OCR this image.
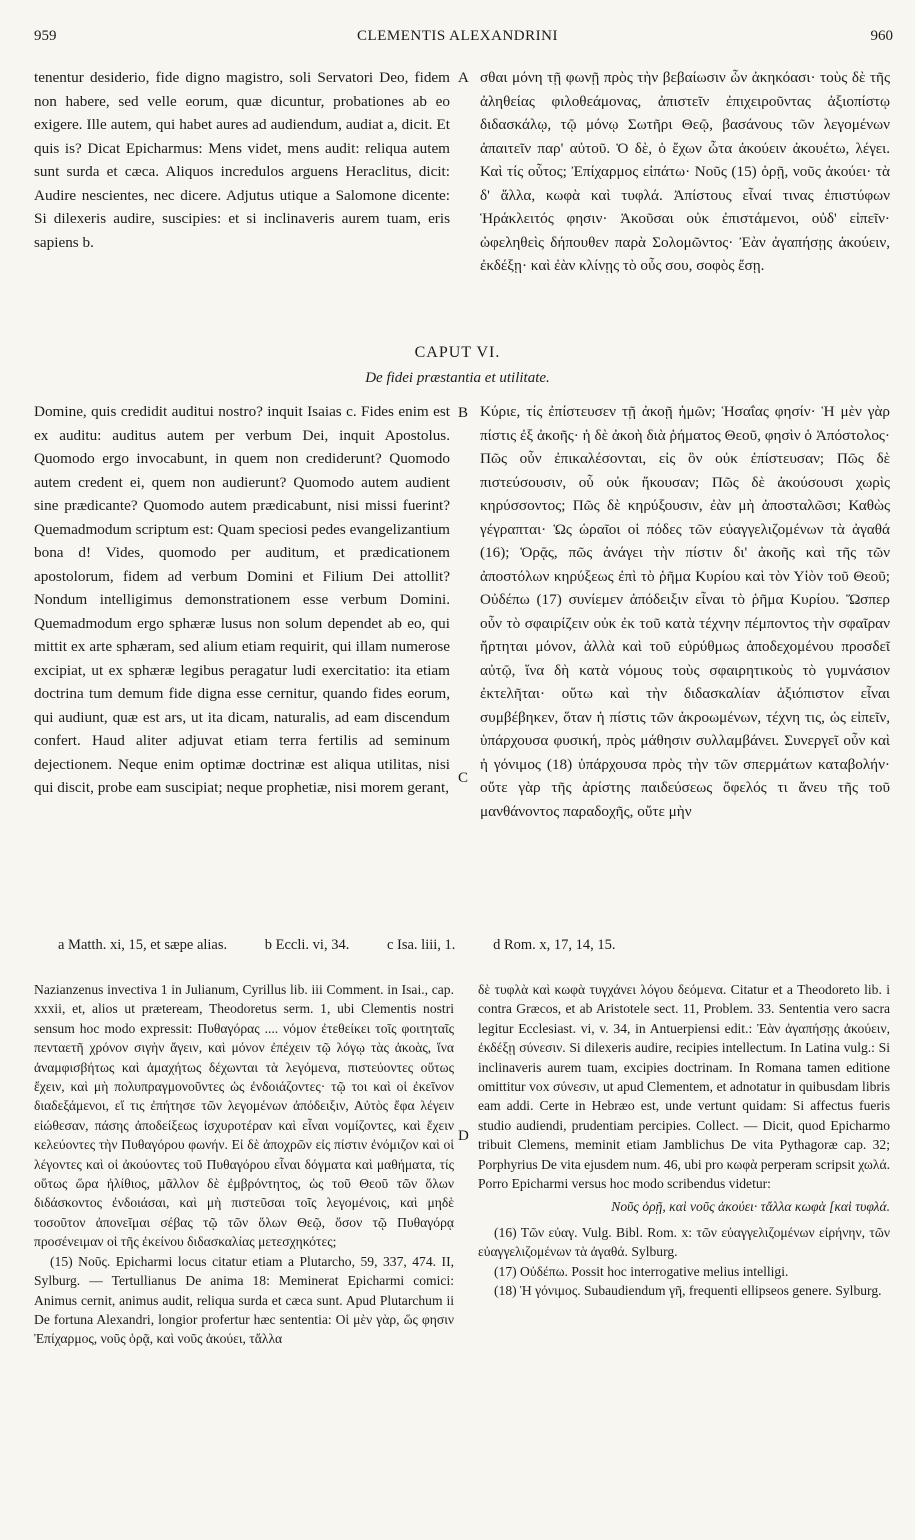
959	CLEMENTIS ALEXANDRINI	960
A
B
C
D

tenentur desiderio, fide digno magistro, soli Servatori Deo, fidem non habere, sed velle eorum, quæ dicuntur, probationes ab eo exigere. Ille autem, qui habet aures ad audiendum, audiat a, dicit. Et quis is? Dicat Epicharmus: Mens videt, mens audit: reliqua autem sunt surda et cæca. Aliquos incredulos arguens Heraclitus, dicit: Audire nescientes, nec dicere. Adjutus utique a Salomone dicente: Si dilexeris audire, suscipies: et si inclinaveris aurem tuam, eris sapiens b.

σθαι μόνη τῇ φωνῇ πρὸς τὴν βεβαίωσιν ὧν ἀκηκόασι· τοὺς δὲ τῆς ἀληθείας φιλοθεάμονας, ἀπιστεῖν ἐπιχειροῦντας ἀξιοπίστῳ διδασκάλῳ, τῷ μόνῳ Σωτῆρι Θεῷ, βασάνους τῶν λεγομένων ἀπαιτεῖν παρ' αὐτοῦ. Ὁ δὲ, ὁ ἔχων ὦτα ἀκούειν ἀκουέτω, λέγει. Καὶ τίς οὗτος; Ἐπίχαρμος εἰπάτω· Νοῦς (15) ὁρῇ, νοῦς ἀκούει· τὰ δ' ἄλλα, κωφὰ καὶ τυφλά. Ἀπίστους εἶναί τινας ἐπιστύφων Ἡράκλειτός φησιν· Ἀκοῦσαι οὐκ ἐπιστάμενοι, οὐδ' εἰπεῖν· ὠφεληθεὶς δήπουθεν παρὰ Σολομῶντος· Ἐὰν ἀγαπήσῃς ἀκούειν, ἐκδέξῃ· καὶ ἐὰν κλίνῃς τὸ οὖς σου, σοφὸς ἔσῃ.

CAPUT VI.
De fidei præstantia et utilitate.

Domine, quis credidit auditui nostro? inquit Isaias c. Fides enim est ex auditu: auditus autem per verbum Dei, inquit Apostolus. Quomodo ergo invocabunt, in quem non crediderunt? Quomodo autem credent ei, quem non audierunt? Quomodo autem audient sine prædicante? Quomodo autem prædicabunt, nisi missi fuerint? Quemadmodum scriptum est: Quam speciosi pedes evangelizantium bona d! Vides, quomodo per auditum, et prædicationem apostolorum, fidem ad verbum Domini et Filium Dei attollit? Nondum intelligimus demonstrationem esse verbum Domini. Quemadmodum ergo sphæræ lusus non solum dependet ab eo, qui mittit ex arte sphæram, sed alium etiam requirit, qui illam numerose excipiat, ut ex sphæræ legibus peragatur ludi exercitatio: ita etiam doctrina tum demum fide digna esse cernitur, quando fides eorum, qui audiunt, quæ est ars, ut ita dicam, naturalis, ad eam discendum confert. Haud aliter adjuvat etiam terra fertilis ad seminum dejectionem. Neque enim optimæ doctrinæ est aliqua utilitas, nisi qui discit, probe eam suscipiat; neque prophetiæ, nisi morem gerant,

Κύριε, τίς ἐπίστευσεν τῇ ἀκοῇ ἡμῶν; Ἡσαΐας φησίν· Ἡ μὲν γὰρ πίστις ἐξ ἀκοῆς· ἡ δὲ ἀκοὴ διὰ ῥήματος Θεοῦ, φησὶν ὁ Ἀπόστολος· Πῶς οὖν ἐπικαλέσονται, εἰς ὃν οὐκ ἐπίστευσαν; Πῶς δὲ πιστεύσουσιν, οὗ οὐκ ἤκουσαν; Πῶς δὲ ἀκούσουσι χωρὶς κηρύσσοντος; Πῶς δὲ κηρύξουσιν, ἐὰν μὴ ἀποσταλῶσι; Καθὼς γέγραπται· Ὡς ὡραῖοι οἱ πόδες τῶν εὐαγγελιζομένων τὰ ἀγαθά (16); Ὁρᾷς, πῶς ἀνάγει τὴν πίστιν δι' ἀκοῆς καὶ τῆς τῶν ἀποστόλων κηρύξεως ἐπὶ τὸ ῥῆμα Κυρίου καὶ τὸν Υἱὸν τοῦ Θεοῦ; Οὐδέπω (17) συνίεμεν ἀπόδειξιν εἶναι τὸ ῥῆμα Κυρίου. Ὥσπερ οὖν τὸ σφαιρίζειν οὐκ ἐκ τοῦ κατὰ τέχνην πέμποντος τὴν σφαῖραν ἤρτηται μόνον, ἀλλὰ καὶ τοῦ εὐρύθμως ἀποδεχομένου προσδεῖ αὐτῷ, ἵνα δὴ κατὰ νόμους τοὺς σφαιρητικοὺς τὸ γυμνάσιον ἐκτελῆται· οὕτω καὶ τὴν διδασκαλίαν ἀξιόπιστον εἶναι συμβέβηκεν, ὅταν ἡ πίστις τῶν ἀκροωμένων, τέχνη τις, ὡς εἰπεῖν, ὑπάρχουσα φυσική, πρὸς μάθησιν συλλαμβάνει. Συνεργεῖ οὖν καὶ ἡ γόνιμος (18) ὑπάρχουσα πρὸς τὴν τῶν σπερμάτων καταβολήν· οὔτε γὰρ τῆς ἀρίστης παιδεύσεως ὄφελός τι ἄνευ τῆς τοῦ μανθάνοντος παραδοχῆς, οὔτε μὴν

a Matth. xi, 15, et sæpe alias.	b Eccli. vi, 34.	c Isa. liii, 1.	d Rom. x, 17, 14, 15.

Nazianzenus invectiva 1 in Julianum, Cyrillus lib. iii Comment. in Isai., cap. xxxii, et, alios ut præteream, Theodoretus serm. 1, ubi Clementis nostri sensum hoc modo expressit: Πυθαγόρας .... νόμον ἐτεθείκει τοῖς φοιτηταῖς πενταετῆ χρόνον σιγὴν ἄγειν, καὶ μόνον ἐπέχειν τῷ λόγῳ τὰς ἀκοὰς, ἵνα ἀναμφισβήτως καὶ ἀμαχήτως δέχωνται τὰ λεγόμενα, πιστεύοντες οὕτως ἔχειν, καὶ μὴ πολυπραγμονοῦντες ὡς ἐνδοιάζοντες· τῷ τοι καὶ οἱ ἐκεῖνον διαδεξάμενοι, εἴ τις ἐπήτησε τῶν λεγομένων ἀπόδειξιν, Αὐτὸς ἔφα λέγειν εἰώθεσαν, πάσης ἀποδείξεως ἰσχυροτέραν καὶ εἶναι νομίζοντες, καὶ ἔχειν κελεύοντες τὴν Πυθαγόρου φωνήν. Εἰ δὲ ἀποχρῶν εἰς πίστιν ἐνόμιζον καὶ οἱ λέγοντες καὶ οἱ ἀκούοντες τοῦ Πυθαγόρου εἶναι δόγματα καὶ μαθήματα, τίς οὕτως ὥρα ἠλίθιος, μᾶλλον δὲ ἐμβρόντητος, ὡς τοῦ Θεοῦ τῶν ὅλων διδάσκοντος ἐνδοιάσαι, καὶ μὴ πιστεῦσαι τοῖς λεγομένοις, καὶ μηδὲ τοσοῦτον ἀπονεῖμαι σέβας τῷ τῶν ὅλων Θεῷ, ὅσον τῷ Πυθαγόρᾳ προσένειμαν οἱ τῆς ἐκείνου διδασκαλίας μετεσχηκότες;

(15) Νοῦς. Epicharmi locus citatur etiam a Plutarcho, 59, 337, 474. II, Sylburg. — Tertullianus De anima 18: Meminerat Epicharmi comici: Animus cernit, animus audit, reliqua surda et cæca sunt. Apud Plutarchum ii De fortuna Alexandri, longior profertur hæc sententia: Οἱ μὲν γὰρ, ὥς φησιν Ἐπίχαρμος, νοῦς ὁρᾷ, καὶ νοῦς ἀκούει, τἄλλα

δὲ τυφλὰ καὶ κωφὰ τυγχάνει λόγου δεόμενα. Citatur et a Theodoreto lib. i contra Græcos, et ab Aristotele sect. 11, Problem. 33. Sententia vero sacra legitur Ecclesiast. vi, v. 34, in Antuerpiensi edit.: Ἐὰν ἀγαπήσῃς ἀκούειν, ἐκδέξῃ σύνεσιν. Si dilexeris audire, recipies intellectum. In Latina vulg.: Si inclinaveris aurem tuam, excipies doctrinam. In Romana tamen editione omittitur vox σύνεσιν, ut apud Clementem, et adnotatur in quibusdam libris eam addi. Certe in Hebræo est, unde vertunt quidam: Si affectus fueris studio audiendi, prudentiam percipies. Collect. — Dicit, quod Epicharmo tribuit Clemens, meminit etiam Jamblichus De vita Pythagoræ cap. 32; Porphyrius De vita ejusdem num. 46, ubi pro κωφὰ perperam scripsit χωλά. Porro Epicharmi versus hoc modo scribendus videtur:

Νοῦς ὁρῇ, καὶ νοῦς ἀκούει· τἄλλα κωφὰ [καὶ τυφλά.

(16) Τῶν εὐαγ. Vulg. Bibl. Rom. x: τῶν εὐαγγελιζομένων εἰρήνην, τῶν εὐαγγελιζομένων τὰ ἀγαθά. Sylburg.

(17) Οὐδέπω. Possit hoc interrogative melius intelligi.

(18) Ἡ γόνιμος. Subaudiendum γῆ, frequenti ellipseos genere. Sylburg.
